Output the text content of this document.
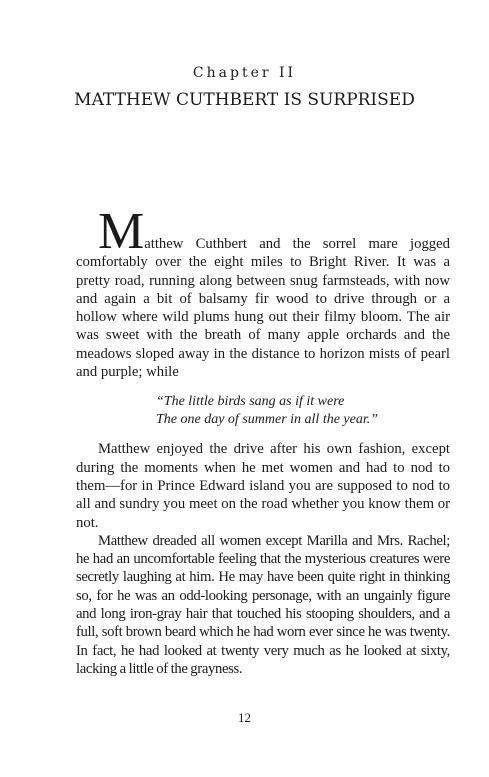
Chapter II
MATTHEW CUTHBERT IS SURPRISED

Matthew Cuthbert and the sorrel mare jogged comfortably over the eight miles to Bright River. It was a pretty road, running along between snug farmsteads, with now and again a bit of balsamy fir wood to drive through or a hollow where wild plums hung out their filmy bloom. The air was sweet with the breath of many apple orchards and the meadows sloped away in the distance to horizon mists of pearl and purple; while

“The little birds sang as if it were
The one day of summer in all the year.”

Matthew enjoyed the drive after his own fashion, except during the moments when he met women and had to nod to them—for in Prince Edward island you are supposed to nod to all and sundry you meet on the road whether you know them or not.

Matthew dreaded all women except Marilla and Mrs. Rachel; he had an uncomfortable feeling that the mysterious creatures were secretly laughing at him. He may have been quite right in thinking so, for he was an odd-looking personage, with an ungainly figure and long iron-gray hair that touched his stooping shoulders, and a full, soft brown beard which he had worn ever since he was twenty. In fact, he had looked at twenty very much as he looked at sixty, lacking a little of the grayness.

12
